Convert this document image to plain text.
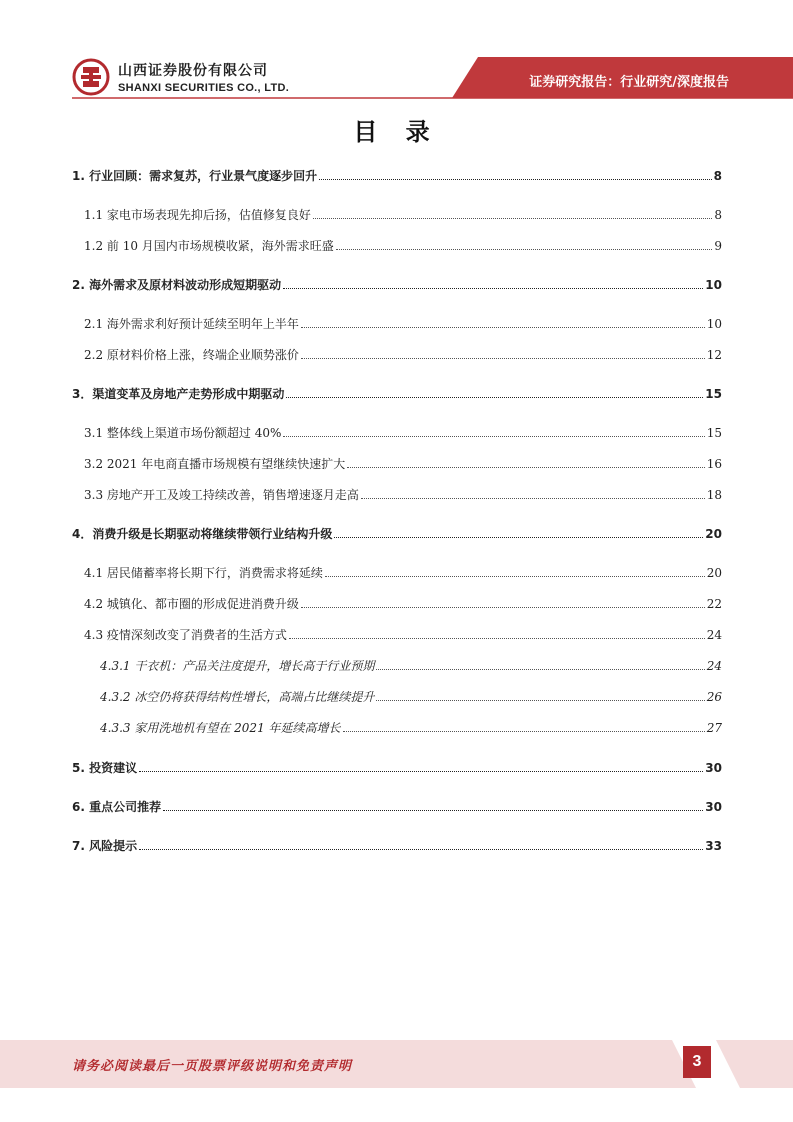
山西证券股份有限公司
SHANXI SECURITIES CO., LTD.	证券研究报告：行业研究/深度报告
目 录
1. 行业回顾：需求复苏，行业景气度逐步回升	8
1.1 家电市场表现先抑后扬，估值修复良好	8
1.2 前 10 月国内市场规模收紧，海外需求旺盛	9
2. 海外需求及原材料波动形成短期驱动	10
2.1 海外需求利好预计延续至明年上半年	10
2.2 原材料价格上涨，终端企业顺势涨价	12
3．渠道变革及房地产走势形成中期驱动	15
3.1 整体线上渠道市场份额超过 40%	15
3.2 2021 年电商直播市场规模有望继续快速扩大	16
3.3 房地产开工及竣工持续改善，销售增速逐月走高	18
4．消费升级是长期驱动将继续带领行业结构升级	20
4.1 居民储蓄率将长期下行，消费需求将延续	20
4.2 城镇化、都市圈的形成促进消费升级	22
4.3 疫情深刻改变了消费者的生活方式	24
4.3.1 干衣机：产品关注度提升，增长高于行业预期	24
4.3.2 冰空仍将获得结构性增长，高端占比继续提升	26
4.3.3 家用洗地机有望在 2021 年延续高增长	27
5. 投资建议	30
6. 重点公司推荐	30
7. 风险提示	33
请务必阅读最后一页股票评级说明和免责声明	3
